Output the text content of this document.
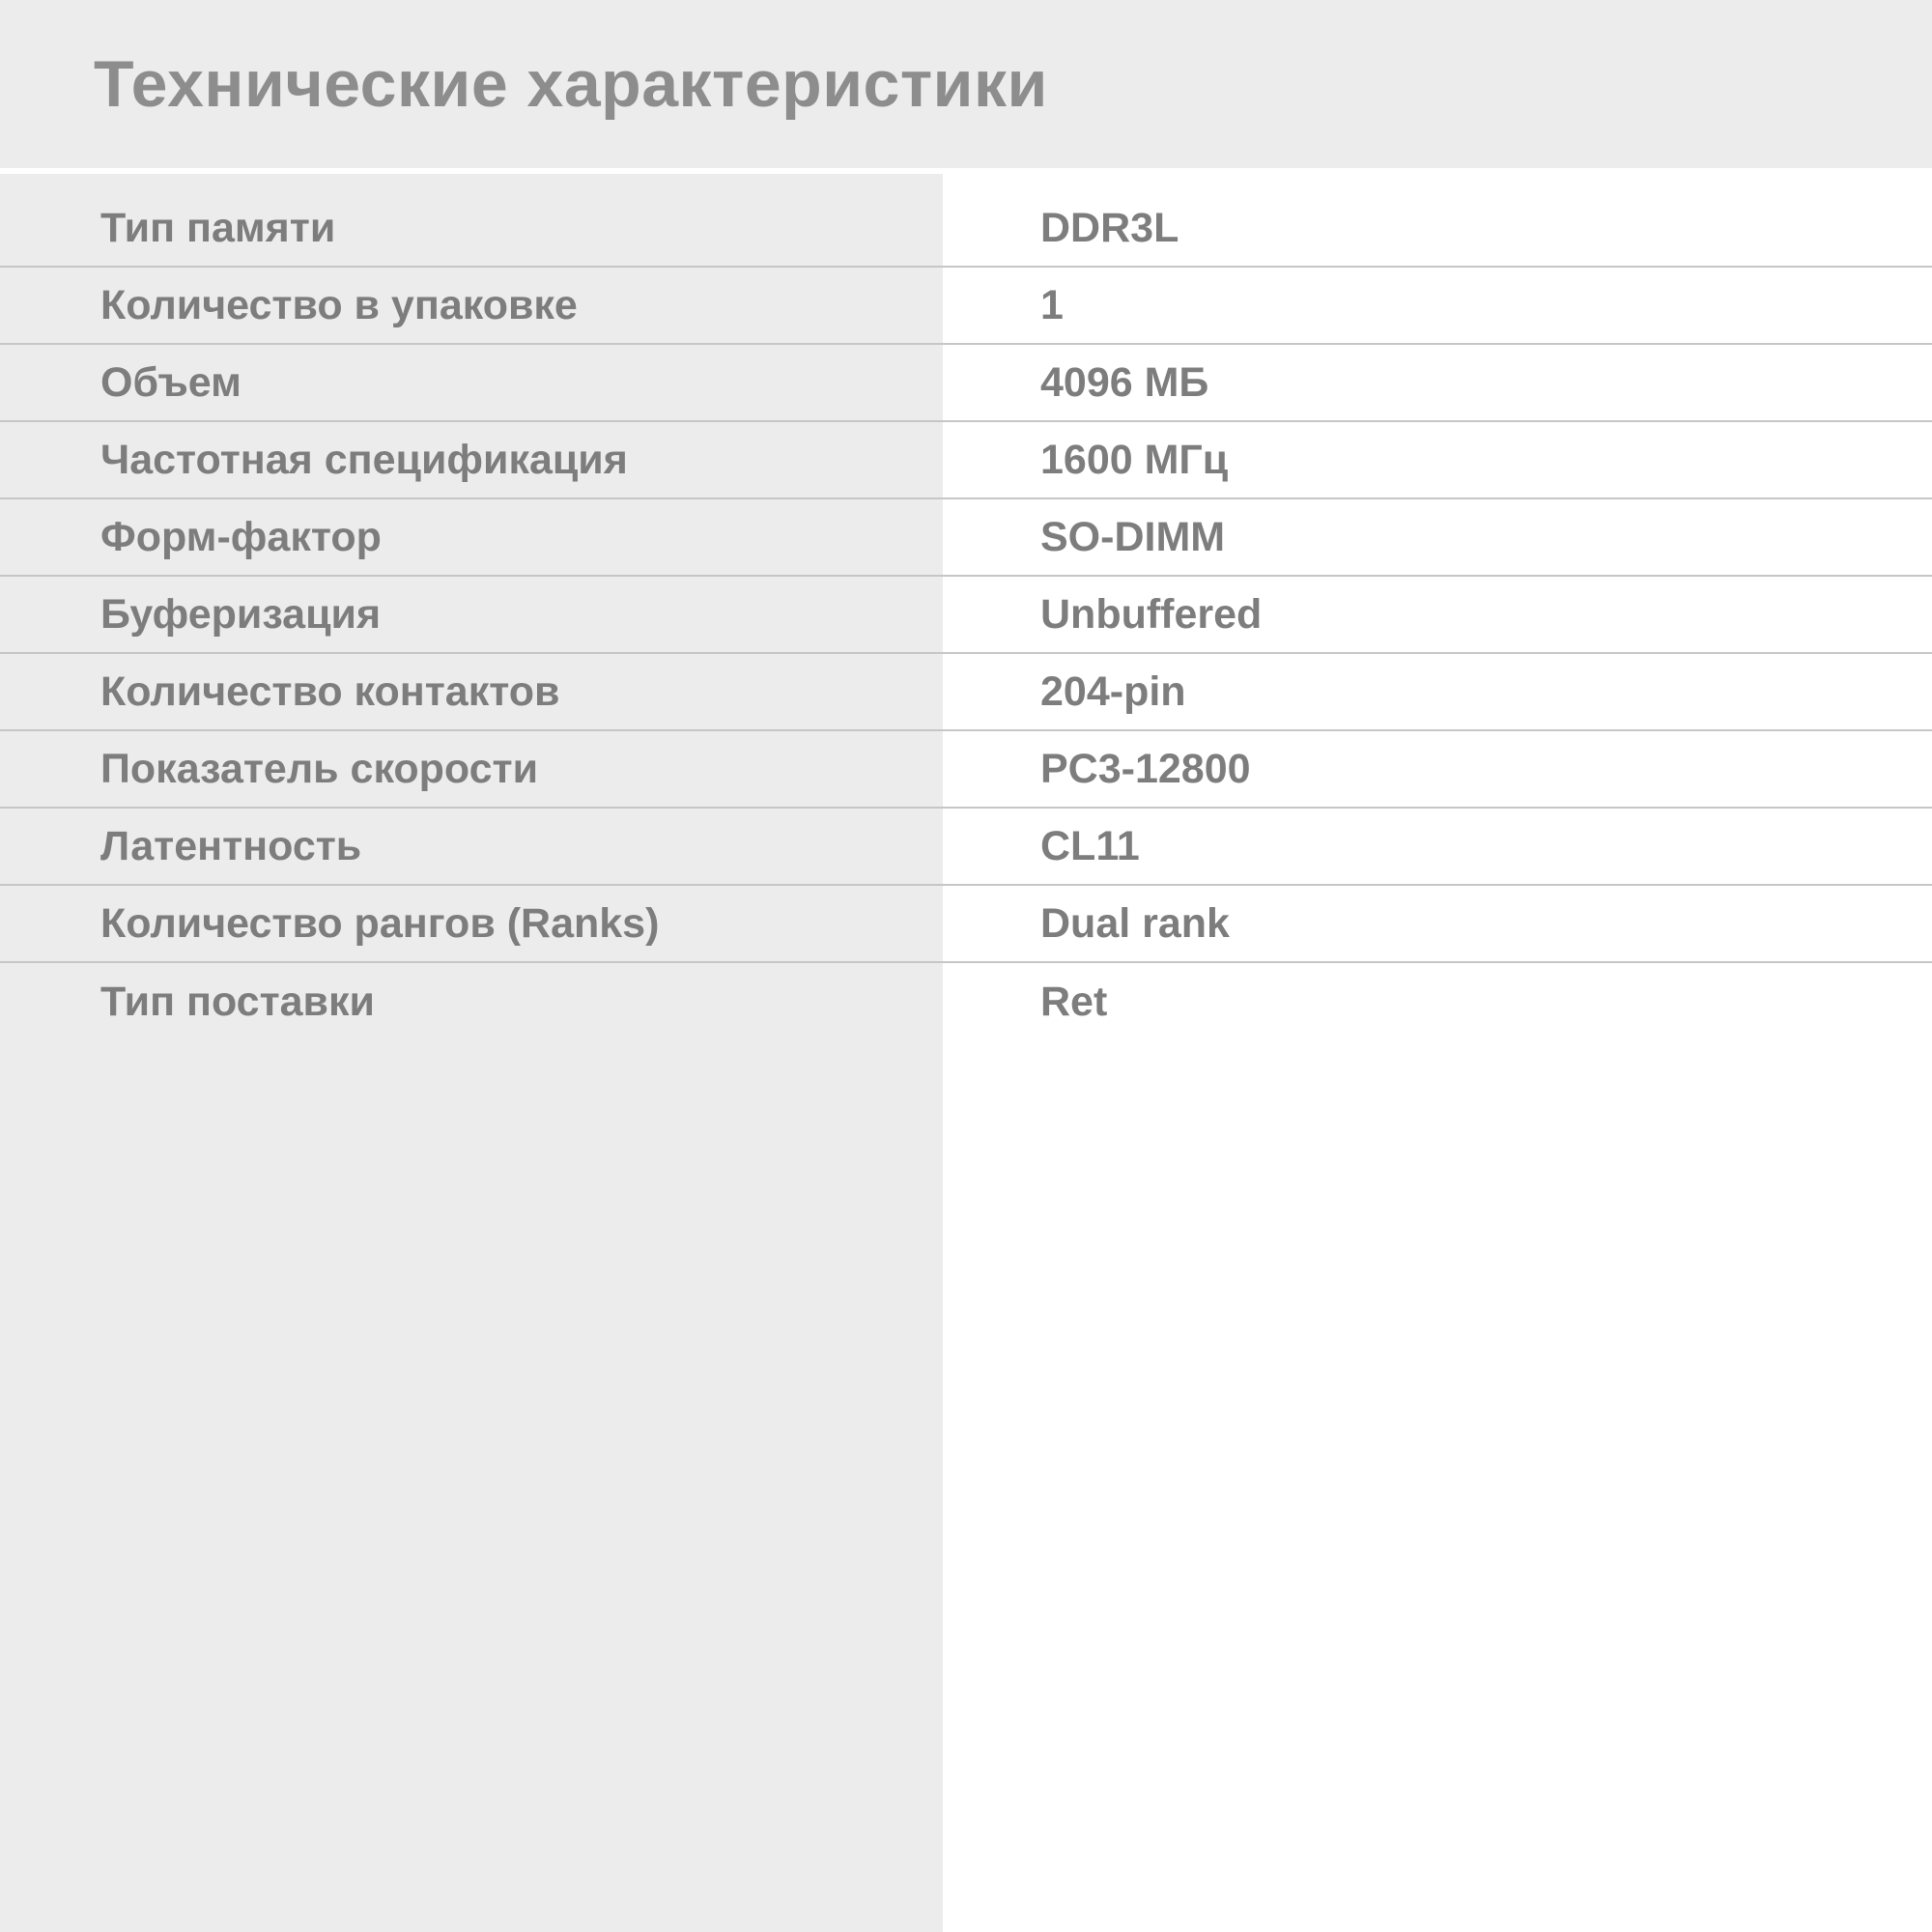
Технические характеристики
Тип памяти	DDR3L
Количество в упаковке	1
Объем	4096 МБ
Частотная спецификация	1600 МГц
Форм-фактор	SO-DIMM
Буферизация	Unbuffered
Количество контактов	204-pin
Показатель скорости	PC3-12800
Латентность	CL11
Количество рангов (Ranks)	Dual rank
Тип поставки	Ret
